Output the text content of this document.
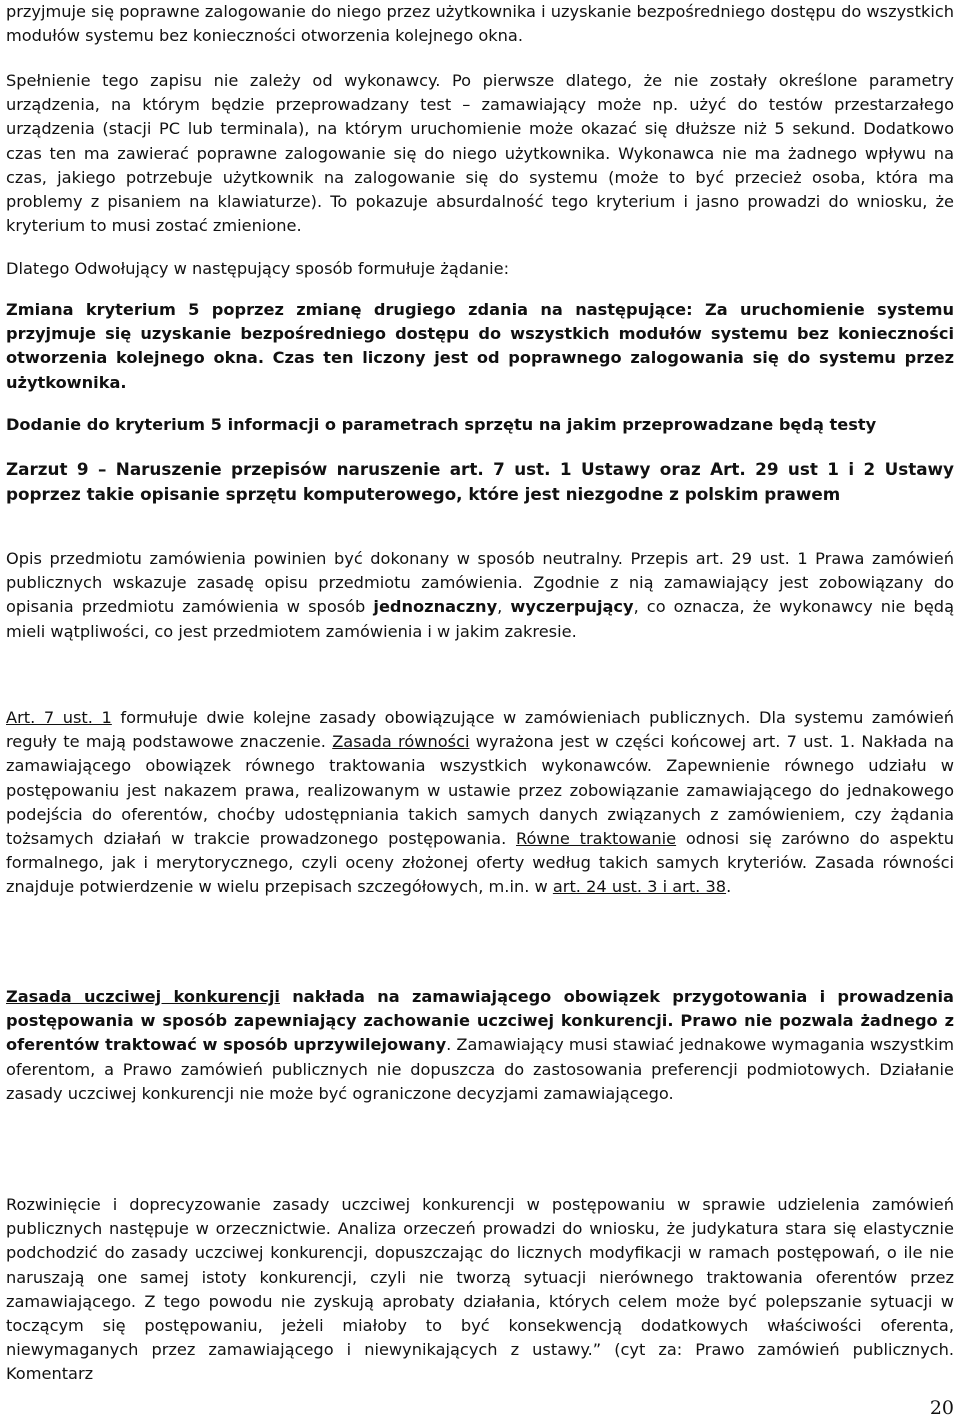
przyjmuje się poprawne zalogowanie do niego przez użytkownika i uzyskanie bezpośredniego dostępu do wszystkich modułów systemu bez konieczności otworzenia kolejnego okna.

Spełnienie tego zapisu nie zależy od wykonawcy. Po pierwsze dlatego, że nie zostały określone parametry urządzenia, na którym będzie przeprowadzany test – zamawiający może np. użyć do testów przestarzałego urządzenia (stacji PC lub terminala), na którym uruchomienie może okazać się dłuższe niż 5 sekund. Dodatkowo czas ten ma zawierać poprawne zalogowanie się do niego użytkownika. Wykonawca nie ma żadnego wpływu na czas, jakiego potrzebuje użytkownik na zalogowanie się do systemu (może to być przecież osoba, która ma problemy z pisaniem na klawiaturze). To pokazuje absurdalność tego kryterium i jasno prowadzi do wniosku, że kryterium to musi zostać zmienione.

Dlatego Odwołujący w następujący sposób formułuje żądanie:

Zmiana kryterium 5 poprzez zmianę drugiego zdania na następujące: Za uruchomienie systemu przyjmuje się uzyskanie bezpośredniego dostępu do wszystkich modułów systemu bez konieczności otworzenia kolejnego okna. Czas ten liczony jest od poprawnego zalogowania się do systemu przez użytkownika.

Dodanie do kryterium 5 informacji o parametrach sprzętu na jakim przeprowadzane będą testy

Zarzut 9 – Naruszenie przepisów naruszenie art. 7 ust. 1 Ustawy oraz Art. 29 ust 1 i 2 Ustawy poprzez takie opisanie sprzętu komputerowego, które jest niezgodne z polskim prawem

Opis przedmiotu zamówienia powinien być dokonany w sposób neutralny. Przepis art. 29 ust. 1 Prawa zamówień publicznych wskazuje zasadę opisu przedmiotu zamówienia. Zgodnie z nią zamawiający jest zobowiązany do opisania przedmiotu zamówienia w sposób jednoznaczny, wyczerpujący, co oznacza, że wykonawcy nie będą mieli wątpliwości, co jest przedmiotem zamówienia i w jakim zakresie.

Art. 7 ust. 1 formułuje dwie kolejne zasady obowiązujące w zamówieniach publicznych. Dla systemu zamówień reguły te mają podstawowe znaczenie. Zasada równości wyrażona jest w części końcowej art. 7 ust. 1. Nakłada na zamawiającego obowiązek równego traktowania wszystkich wykonawców. Zapewnienie równego udziału w postępowaniu jest nakazem prawa, realizowanym w ustawie przez zobowiązanie zamawiającego do jednakowego podejścia do oferentów, choćby udostępniania takich samych danych związanych z zamówieniem, czy żądania tożsamych działań w trakcie prowadzonego postępowania. Równe traktowanie odnosi się zarówno do aspektu formalnego, jak i merytorycznego, czyli oceny złożonej oferty według takich samych kryteriów. Zasada równości znajduje potwierdzenie w wielu przepisach szczegółowych, m.in. w art. 24 ust. 3 i art. 38.

Zasada uczciwej konkurencji nakłada na zamawiającego obowiązek przygotowania i prowadzenia postępowania w sposób zapewniający zachowanie uczciwej konkurencji. Prawo nie pozwala żadnego z oferentów traktować w sposób uprzywilejowany. Zamawiający musi stawiać jednakowe wymagania wszystkim oferentom, a Prawo zamówień publicznych nie dopuszcza do zastosowania preferencji podmiotowych. Działanie zasady uczciwej konkurencji nie może być ograniczone decyzjami zamawiającego.

Rozwinięcie i doprecyzowanie zasady uczciwej konkurencji w postępowaniu w sprawie udzielenia zamówień publicznych następuje w orzecznictwie. Analiza orzeczeń prowadzi do wniosku, że judykatura stara się elastycznie podchodzić do zasady uczciwej konkurencji, dopuszczając do licznych modyfikacji w ramach postępowań, o ile nie naruszają one samej istoty konkurencji, czyli nie tworzą sytuacji nierównego traktowania oferentów przez zamawiającego. Z tego powodu nie zyskują aprobaty działania, których celem może być polepszanie sytuacji w toczącym się postępowaniu, jeżeli miałoby to być konsekwencją dodatkowych właściwości oferenta, niewymaganych przez zamawiającego i niewynikających z ustawy.” (cyt za: Prawo zamówień publicznych. Komentarz

20
